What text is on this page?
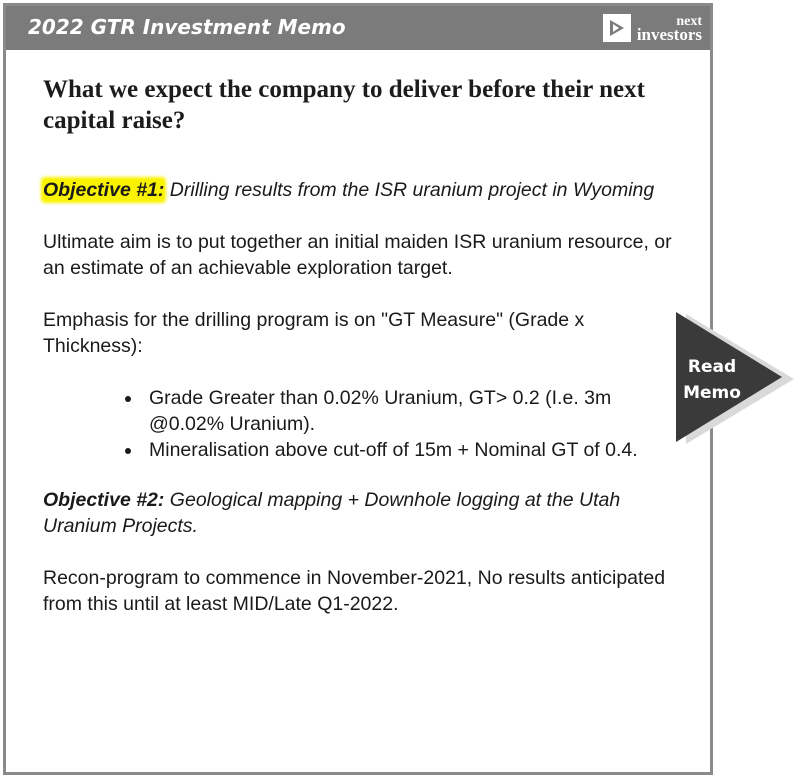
2022 GTR Investment Memo	next
investors
What we expect the company to deliver before their next capital raise?

Objective #1: Drilling results from the ISR uranium project in Wyoming

Ultimate aim is to put together an initial maiden ISR uranium resource, or an estimate of an achievable exploration target.

Emphasis for the drilling program is on "GT Measure" (Grade x Thickness):

• Grade Greater than 0.02% Uranium, GT> 0.2 (I.e. 3m @0.02% Uranium).
• Mineralisation above cut-off of 15m + Nominal GT of 0.4.

Objective #2: Geological mapping + Downhole logging at the Utah Uranium Projects.

Recon-program to commence in November-2021, No results anticipated from this until at least MID/Late Q1-2022.

Read
Memo
